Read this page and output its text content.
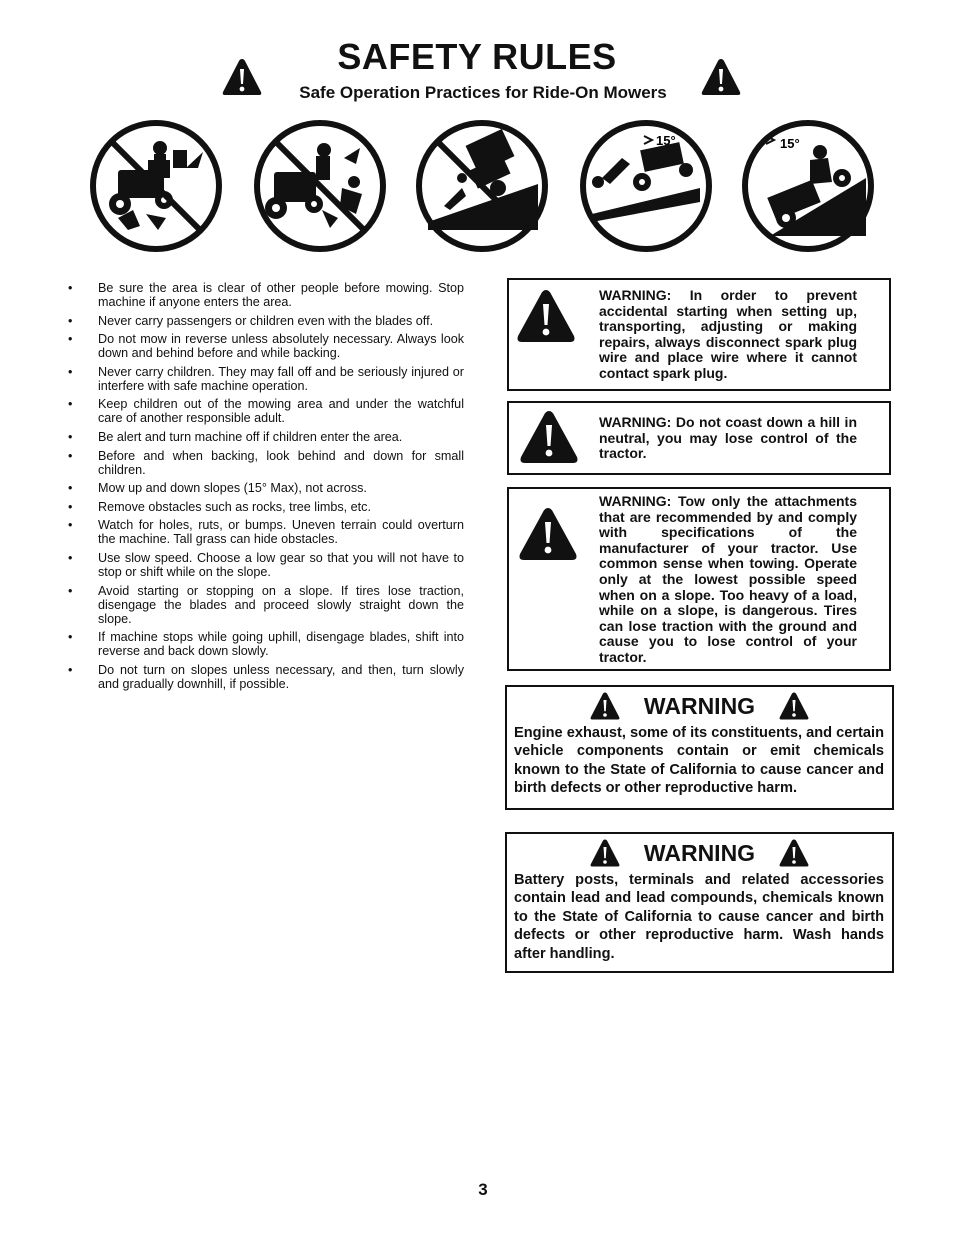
SAFETY RULES
Safe Operation Practices for Ride-On Mowers
15°	15°
• Be sure the area is clear of other people before mowing. Stop machine if anyone enters the area.
• Never carry passengers or children even with the blades off.
• Do not mow in reverse unless absolutely necessary. Always look down and behind before and while backing.
• Never carry children. They may fall off and be seriously injured or interfere with safe machine operation.
• Keep children out of the mowing area and under the watchful care of another responsible adult.
• Be alert and turn machine off if children enter the area.
• Before and when backing, look behind and down for small children.
• Mow up and down slopes (15° Max), not across.
• Remove obstacles such as rocks, tree limbs, etc.
• Watch for holes, ruts, or bumps. Uneven terrain could overturn the machine. Tall grass can hide obstacles.
• Use slow speed. Choose a low gear so that you will not have to stop or shift while on the slope.
• Avoid starting or stopping on a slope. If tires lose traction, disengage the blades and proceed slowly straight down the slope.
• If machine stops while going uphill, disengage blades, shift into reverse and back down slowly.
• Do not turn on slopes unless necessary, and then, turn slowly and gradually downhill, if possible.
WARNING: In order to prevent accidental starting when setting up, transporting, adjusting or making repairs, always disconnect spark plug wire and place wire where it cannot contact spark plug.
WARNING: Do not coast down a hill in neutral, you may lose control of the tractor.
WARNING: Tow only the attachments that are recommended by and comply with specifications of the manufacturer of your tractor. Use common sense when towing. Operate only at the lowest possible speed when on a slope. Too heavy of a load, while on a slope, is dangerous. Tires can lose traction with the ground and cause you to lose control of your tractor.
WARNING
Engine exhaust, some of its constituents, and certain vehicle components contain or emit chemicals known to the State of California to cause cancer and birth defects or other reproductive harm.
WARNING
Battery posts, terminals and related accessories contain lead and lead compounds, chemicals known to the State of California to cause cancer and birth defects or other reproductive harm. Wash hands after handling.
3
